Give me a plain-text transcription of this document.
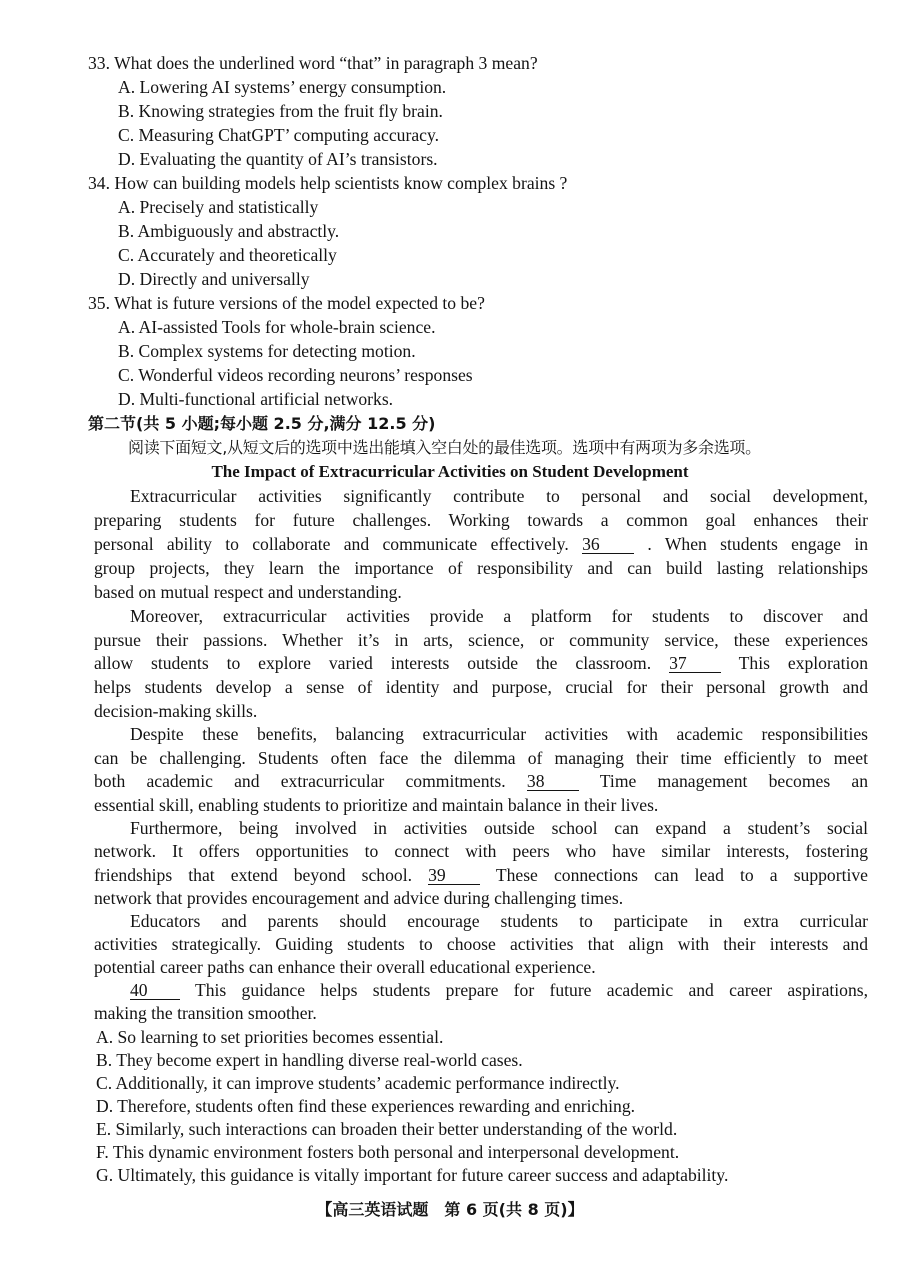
33. What does the underlined word “that” in paragraph 3 mean?
A. Lowering AI systems’ energy consumption.
B. Knowing strategies from the fruit fly brain.
C. Measuring ChatGPT’ computing accuracy.
D. Evaluating the quantity of AI’s transistors.
34. How can building models help scientists know complex brains ?
A. Precisely and statistically
B. Ambiguously and abstractly.
C. Accurately and theoretically
D. Directly and universally
35. What is future versions of the model expected to be?
A. AI-assisted Tools for whole-brain science.
B. Complex systems for detecting motion.
C. Wonderful videos recording neurons’ responses
D. Multi-functional artificial networks.
第二节(共 5 小题;每小题 2.5 分,满分 12.5 分)
阅读下面短文,从短文后的选项中选出能填入空白处的最佳选项。选项中有两项为多余选项。
The Impact of Extracurricular Activities on Student Development
Extracurricular activities significantly contribute to personal and social development,
preparing students for future challenges. Working towards a common goal enhances their
personal ability to collaborate and communicate effectively. 36	. When students engage in
group projects, they learn the importance of responsibility and can build lasting relationships
based on mutual respect and understanding.
Moreover, extracurricular activities provide a platform for students to discover and
pursue their passions. Whether it’s in arts, science, or community service, these experiences
allow students to explore varied interests outside the classroom. 37	This exploration
helps students develop a sense of identity and purpose, crucial for their personal growth and
decision-making skills.
Despite these benefits, balancing extracurricular activities with academic responsibilities
can be challenging. Students often face the dilemma of managing their time efficiently to meet
both academic and extracurricular commitments. 38	Time management becomes an
essential skill, enabling students to prioritize and maintain balance in their lives.
Furthermore, being involved in activities outside school can expand a student’s social
network. It offers opportunities to connect with peers who have similar interests, fostering
friendships that extend beyond school. 39	These connections can lead to a supportive
network that provides encouragement and advice during challenging times.
Educators and parents should encourage students to participate in extra curricular
activities strategically. Guiding students to choose activities that align with their interests and
potential career paths can enhance their overall educational experience.
40	This guidance helps students prepare for future academic and career aspirations,
making the transition smoother.
A. So learning to set priorities becomes essential.
B. They become expert in handling diverse real-world cases.
C. Additionally, it can improve students’ academic performance indirectly.
D. Therefore, students often find these experiences rewarding and enriching.
E. Similarly, such interactions can broaden their better understanding of the world.
F. This dynamic environment fosters both personal and interpersonal development.
G. Ultimately, this guidance is vitally important for future career success and adaptability.
【高三英语试题　第 6 页(共 8 页)】
